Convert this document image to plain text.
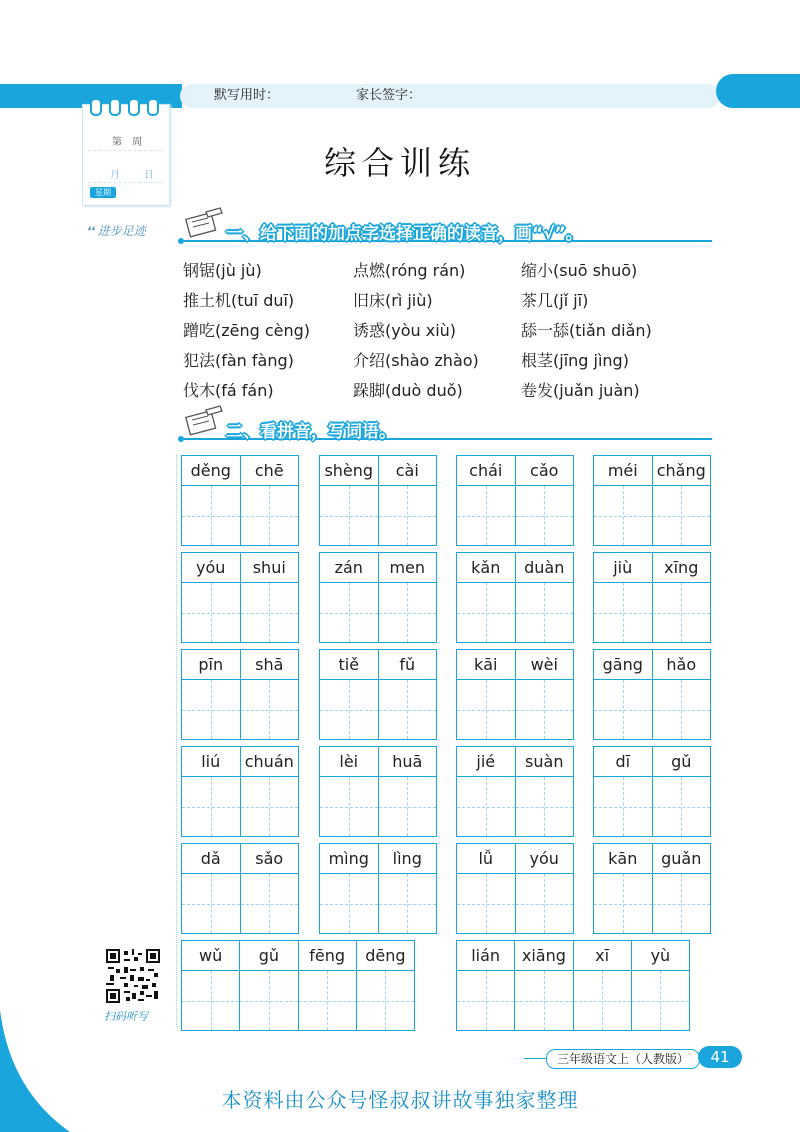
默写用时：	家长签字：
第　周
月 日
星期
❛❛ 进步足迹
综合训练
一、给下面的加点字选择正确的读音，画“√”。
钢锯(jù jù)	点燃(róng rán)	缩小(suō shuō)
推土机(tuī duī)	旧床(rì jiù)	茶几(jǐ jī)
蹭吃(zēng cèng)	诱惑(yòu xiù)	舔一舔(tiǎn diǎn)
犯法(fàn fàng)	介绍(shào zhào)	根茎(jīng jìng)
伐木(fá fán)	跺脚(duò duǒ)	卷发(juǎn juàn)
二、看拼音，写词语。
děng	chē	shèng	cài	chái	cǎo	méi	chǎng
yóu	shui	zán	men	kǎn	duàn	jiù	xīng
pīn	shā	tiě	fǔ	kāi	wèi	gāng	hǎo
liú	chuán	lèi	huā	jié	suàn	dī	gǔ
dǎ	sǎo	mìng	lìng	lǚ	yóu	kān	guǎn
wǔ	gǔ	fēng	dēng	lián	xiāng	xī	yù
扫码听写
三年级语文上（人教版）	41
本资料由公众号怪叔叔讲故事独家整理
